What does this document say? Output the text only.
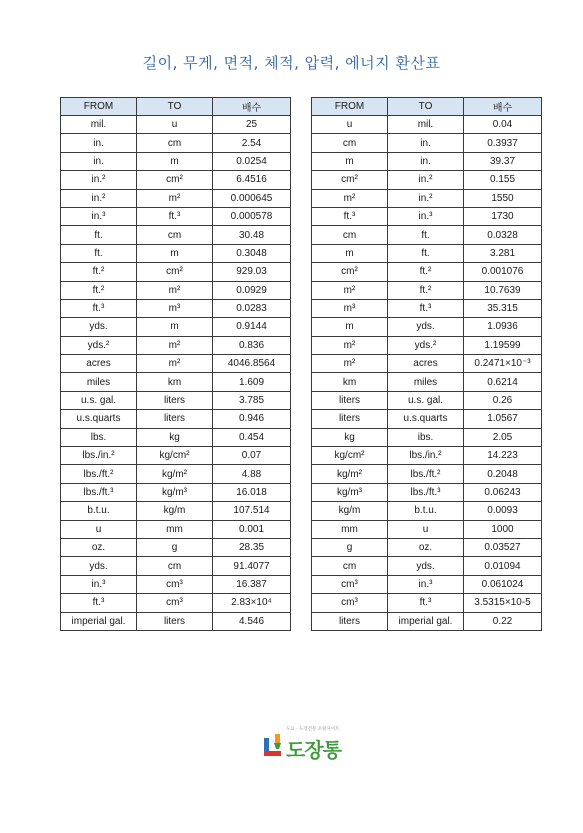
길이, 무게, 면적, 체적, 압력, 에너지 환산표
FROM	TO	배수
mil.	u	25
in.	cm	2.54
in.	m	0.0254
in.²	cm²	6.4516
in.²	m²	0.000645
in.³	ft.³	0.000578
ft.	cm	30.48
ft.	m	0.3048
ft.²	cm²	929.03
ft.²	m²	0.0929
ft.³	m³	0.0283
yds.	m	0.9144
yds.²	m²	0.836
acres	m²	4046.8564
miles	km	1.609
u.s. gal.	liters	3.785
u.s.quarts	liters	0.946
lbs.	kg	0.454
lbs./in.²	kg/cm²	0.07
lbs./ft.²	kg/m²	4.88
lbs./ft.³	kg/m³	16.018
b.t.u.	kg/m	107.514
u	mm	0.001
oz.	g	28.35
yds.	cm	91.4077
in.³	cm³	16.387
ft.³	cm³	2.83×10⁴
imperial gal.	liters	4.546
FROM	TO	배수
u	mil.	0.04
cm	in.	0.3937
m	in.	39.37
cm²	in.²	0.155
m²	in.²	1550
ft.³	in.³	1730
cm	ft.	0.0328
m	ft.	3.281
cm²	ft.²	0.001076
m²	ft.²	10.7639
m³	ft.³	35.315
m	yds.	1.0936
m²	yds.²	1.19599
m²	acres	0.2471×10⁻³
km	miles	0.6214
liters	u.s. gal.	0.26
liters	u.s.quarts	1.0567
kg	ibs.	2.05
kg/cm²	lbs./in.²	14.223
kg/m²	lbs./ft.²	0.2048
kg/m³	lbs./ft.³	0.06243
kg/m	b.t.u.	0.0093
mm	u	1000
g	oz.	0.03527
cm	yds.	0.01094
cm³	in.³	0.061024
cm³	ft.³	3.5315×10-5
liters	imperial gal.	0.22
도료 · 도장전문 포털사이트
도장통
